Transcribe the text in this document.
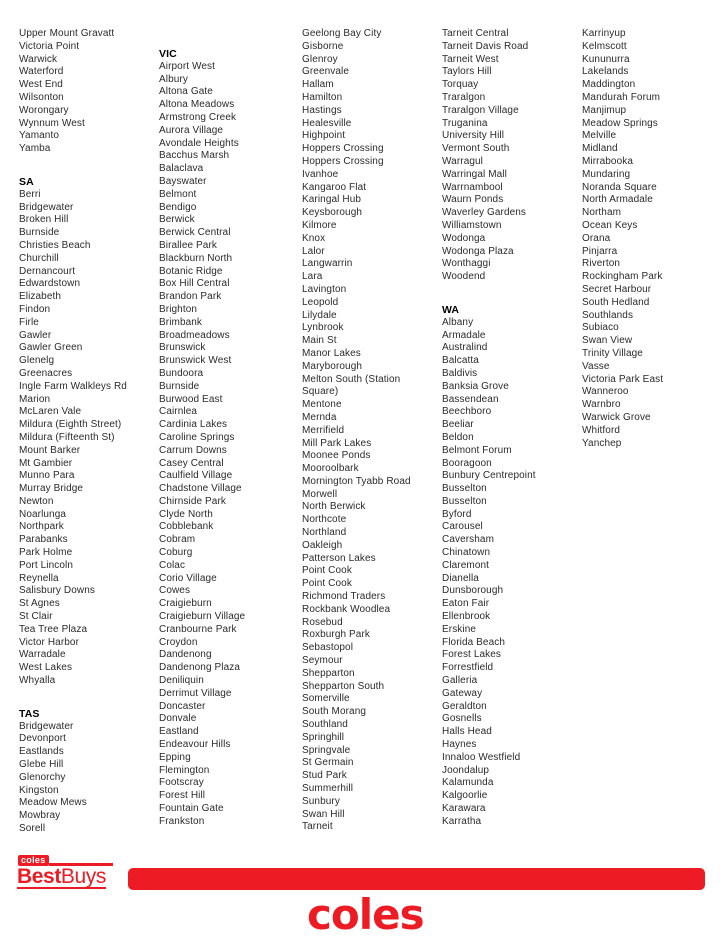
Upper Mount Gravatt
Victoria Point
Warwick
Waterford
West End
Wilsonton
Worongary
Wynnum West
Yamanto
Yamba
SA
Berri
Bridgewater
Broken Hill
Burnside
Christies Beach
Churchill
Dernancourt
Edwardstown
Elizabeth
Findon
Firle
Gawler
Gawler Green
Glenelg
Greenacres
Ingle Farm Walkleys Rd
Marion
McLaren Vale
Mildura (Eighth Street)
Mildura (Fifteenth St)
Mount Barker
Mt Gambier
Munno Para
Murray Bridge
Newton
Noarlunga
Northpark
Parabanks
Park Holme
Port Lincoln
Reynella
Salisbury Downs
St Agnes
St Clair
Tea Tree Plaza
Victor Harbor
Warradale
West Lakes
Whyalla
TAS
Bridgewater
Devonport
Eastlands
Glebe Hill
Glenorchy
Kingston
Meadow Mews
Mowbray
Sorell
VIC
Airport West
Albury
Altona Gate
Altona Meadows
Armstrong Creek
Aurora Village
Avondale Heights
Bacchus Marsh
Balaclava
Bayswater
Belmont
Bendigo
Berwick
Berwick Central
Birallee Park
Blackburn North
Botanic Ridge
Box Hill Central
Brandon Park
Brighton
Brimbank
Broadmeadows
Brunswick
Brunswick West
Bundoora
Burnside
Burwood East
Cairnlea
Cardinia Lakes
Caroline Springs
Carrum Downs
Casey Central
Caulfield Village
Chadstone Village
Chirnside Park
Clyde North
Cobblebank
Cobram
Coburg
Colac
Corio Village
Cowes
Craigieburn
Craigieburn Village
Cranbourne Park
Croydon
Dandenong
Dandenong Plaza
Deniliquin
Derrimut Village
Doncaster
Donvale
Eastland
Endeavour Hills
Epping
Flemington
Footscray
Forest Hill
Fountain Gate
Frankston
Geelong Bay City
Gisborne
Glenroy
Greenvale
Hallam
Hamilton
Hastings
Healesville
Highpoint
Hoppers Crossing
Hoppers Crossing
Ivanhoe
Kangaroo Flat
Karingal Hub
Keysborough
Kilmore
Knox
Lalor
Langwarrin
Lara
Lavington
Leopold
Lilydale
Lynbrook
Main St
Manor Lakes
Maryborough
Melton South (Station Square)
Mentone
Mernda
Merrifield
Mill Park Lakes
Moonee Ponds
Mooroolbark
Mornington Tyabb Road
Morwell
North Berwick
Northcote
Northland
Oakleigh
Patterson Lakes
Point Cook
Point Cook
Richmond Traders
Rockbank Woodlea
Rosebud
Roxburgh Park
Sebastopol
Seymour
Shepparton
Shepparton South
Somerville
South Morang
Southland
Springhill
Springvale
St Germain
Stud Park
Summerhill
Sunbury
Swan Hill
Tarneit
Tarneit Central
Tarneit Davis Road
Tarneit West
Taylors Hill
Torquay
Traralgon
Traralgon Village
Truganina
University Hill
Vermont South
Warragul
Warringal Mall
Warrnambool
Waurn Ponds
Waverley Gardens
Williamstown
Wodonga
Wodonga Plaza
Wonthaggi
Woodend
WA
Albany
Armadale
Australind
Balcatta
Baldivis
Banksia Grove
Bassendean
Beechboro
Beeliar
Beldon
Belmont Forum
Booragoon
Bunbury Centrepoint
Busselton
Busselton
Byford
Carousel
Caversham
Chinatown
Claremont
Dianella
Dunsborough
Eaton Fair
Ellenbrook
Erskine
Florida Beach
Forest Lakes
Forrestfield
Galleria
Gateway
Geraldton
Gosnells
Halls Head
Haynes
Innaloo Westfield
Joondalup
Kalamunda
Kalgoorlie
Karawara
Karratha
Karrinyup
Kelmscott
Kununurra
Lakelands
Maddington
Mandurah Forum
Manjimup
Meadow Springs
Melville
Midland
Mirrabooka
Mundaring
Noranda Square
North Armadale
Northam
Ocean Keys
Orana
Pinjarra
Riverton
Rockingham Park
Secret Harbour
South Hedland
Southlands
Subiaco
Swan View
Trinity Village
Vasse
Victoria Park East
Wanneroo
Warnbro
Warwick Grove
Whitford
Yanchep
coles
BestBuys
coles
